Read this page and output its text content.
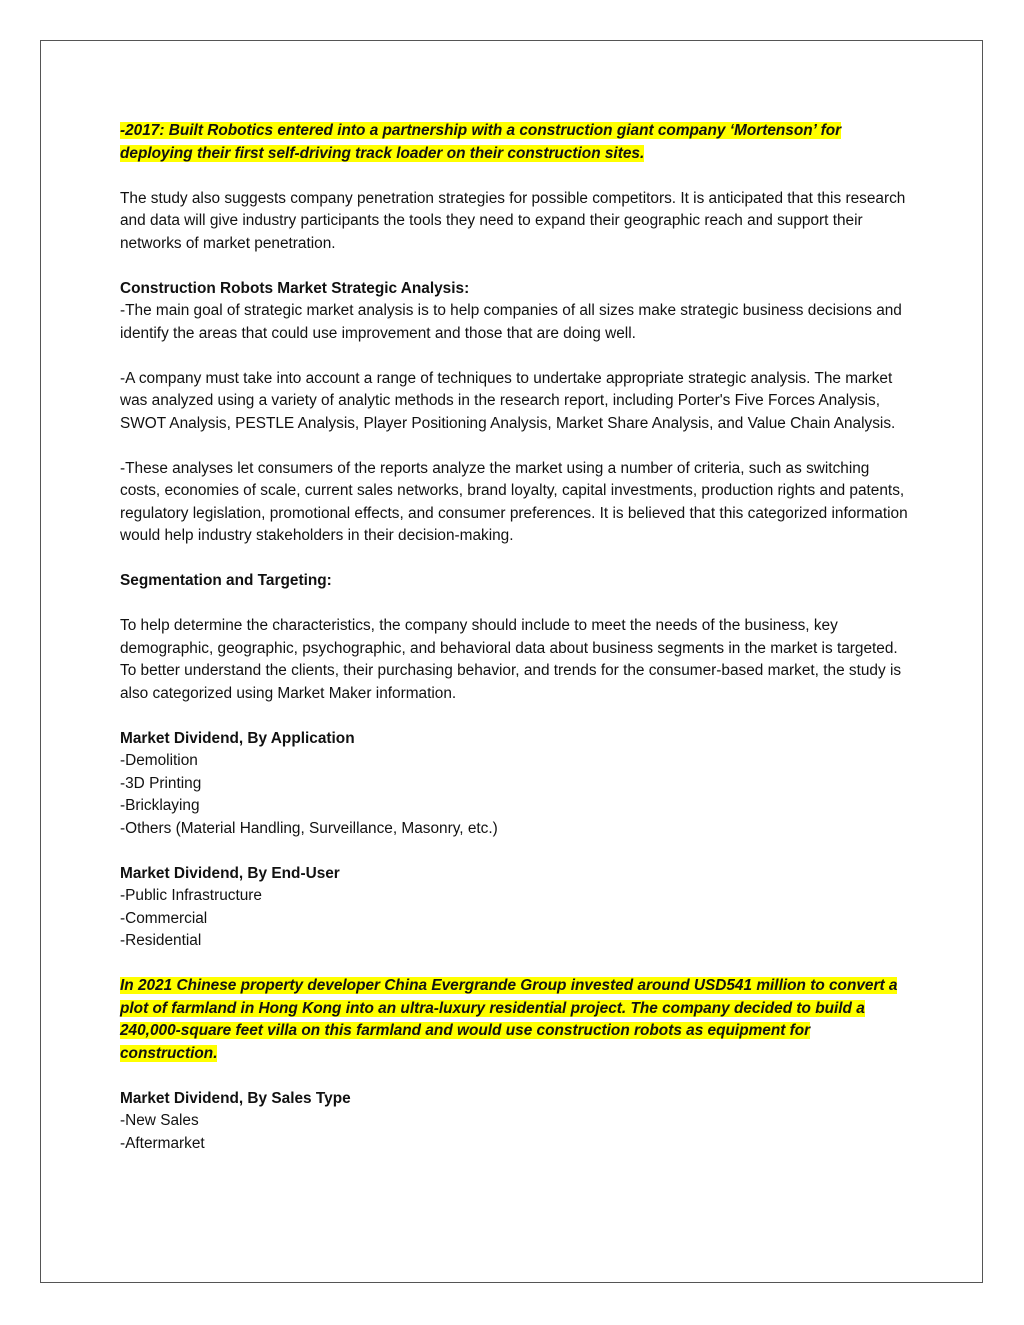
-2017: Built Robotics entered into a partnership with a construction giant company ‘Mortenson’ for deploying their first self-driving track loader on their construction sites.

The study also suggests company penetration strategies for possible competitors. It is anticipated that this research and data will give industry participants the tools they need to expand their geographic reach and support their networks of market penetration.

Construction Robots Market Strategic Analysis:

-The main goal of strategic market analysis is to help companies of all sizes make strategic business decisions and identify the areas that could use improvement and those that are doing well.

-A company must take into account a range of techniques to undertake appropriate strategic analysis. The market was analyzed using a variety of analytic methods in the research report, including Porter's Five Forces Analysis, SWOT Analysis, PESTLE Analysis, Player Positioning Analysis, Market Share Analysis, and Value Chain Analysis.

-These analyses let consumers of the reports analyze the market using a number of criteria, such as switching costs, economies of scale, current sales networks, brand loyalty, capital investments, production rights and patents, regulatory legislation, promotional effects, and consumer preferences. It is believed that this categorized information would help industry stakeholders in their decision-making.

Segmentation and Targeting:

To help determine the characteristics, the company should include to meet the needs of the business, key demographic, geographic, psychographic, and behavioral data about business segments in the market is targeted. To better understand the clients, their purchasing behavior, and trends for the consumer-based market, the study is also categorized using Market Maker information.

Market Dividend, By Application

-Demolition
-3D Printing
-Bricklaying
-Others (Material Handling, Surveillance, Masonry, etc.)

Market Dividend, By End-User

-Public Infrastructure
-Commercial
-Residential

In 2021 Chinese property developer China Evergrande Group invested around USD541 million to convert a plot of farmland in Hong Kong into an ultra-luxury residential project. The company decided to build a 240,000-square feet villa on this farmland and would use construction robots as equipment for construction.

Market Dividend, By Sales Type

-New Sales
-Aftermarket
